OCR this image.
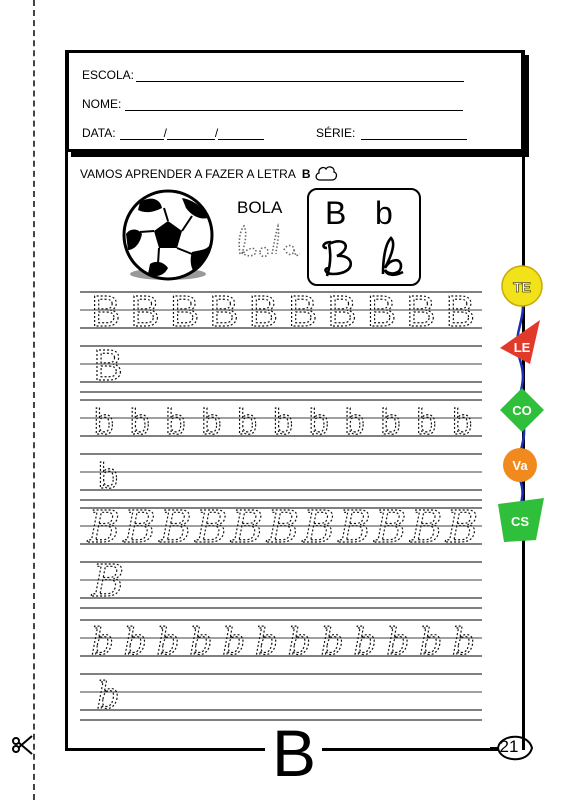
B	21
ESCOLA:
NOME:
DATA:	/	/	SÉRIE:
VAMOS APRENDER A FAZER A LETRA B
BOLA B b
B B B B B B B B B B
B
b b b b b b b b b b b
b
B B B B B B B B B B B
B
b b b b b b b b b b b b
b
TE
LE
CO
Va
CS
